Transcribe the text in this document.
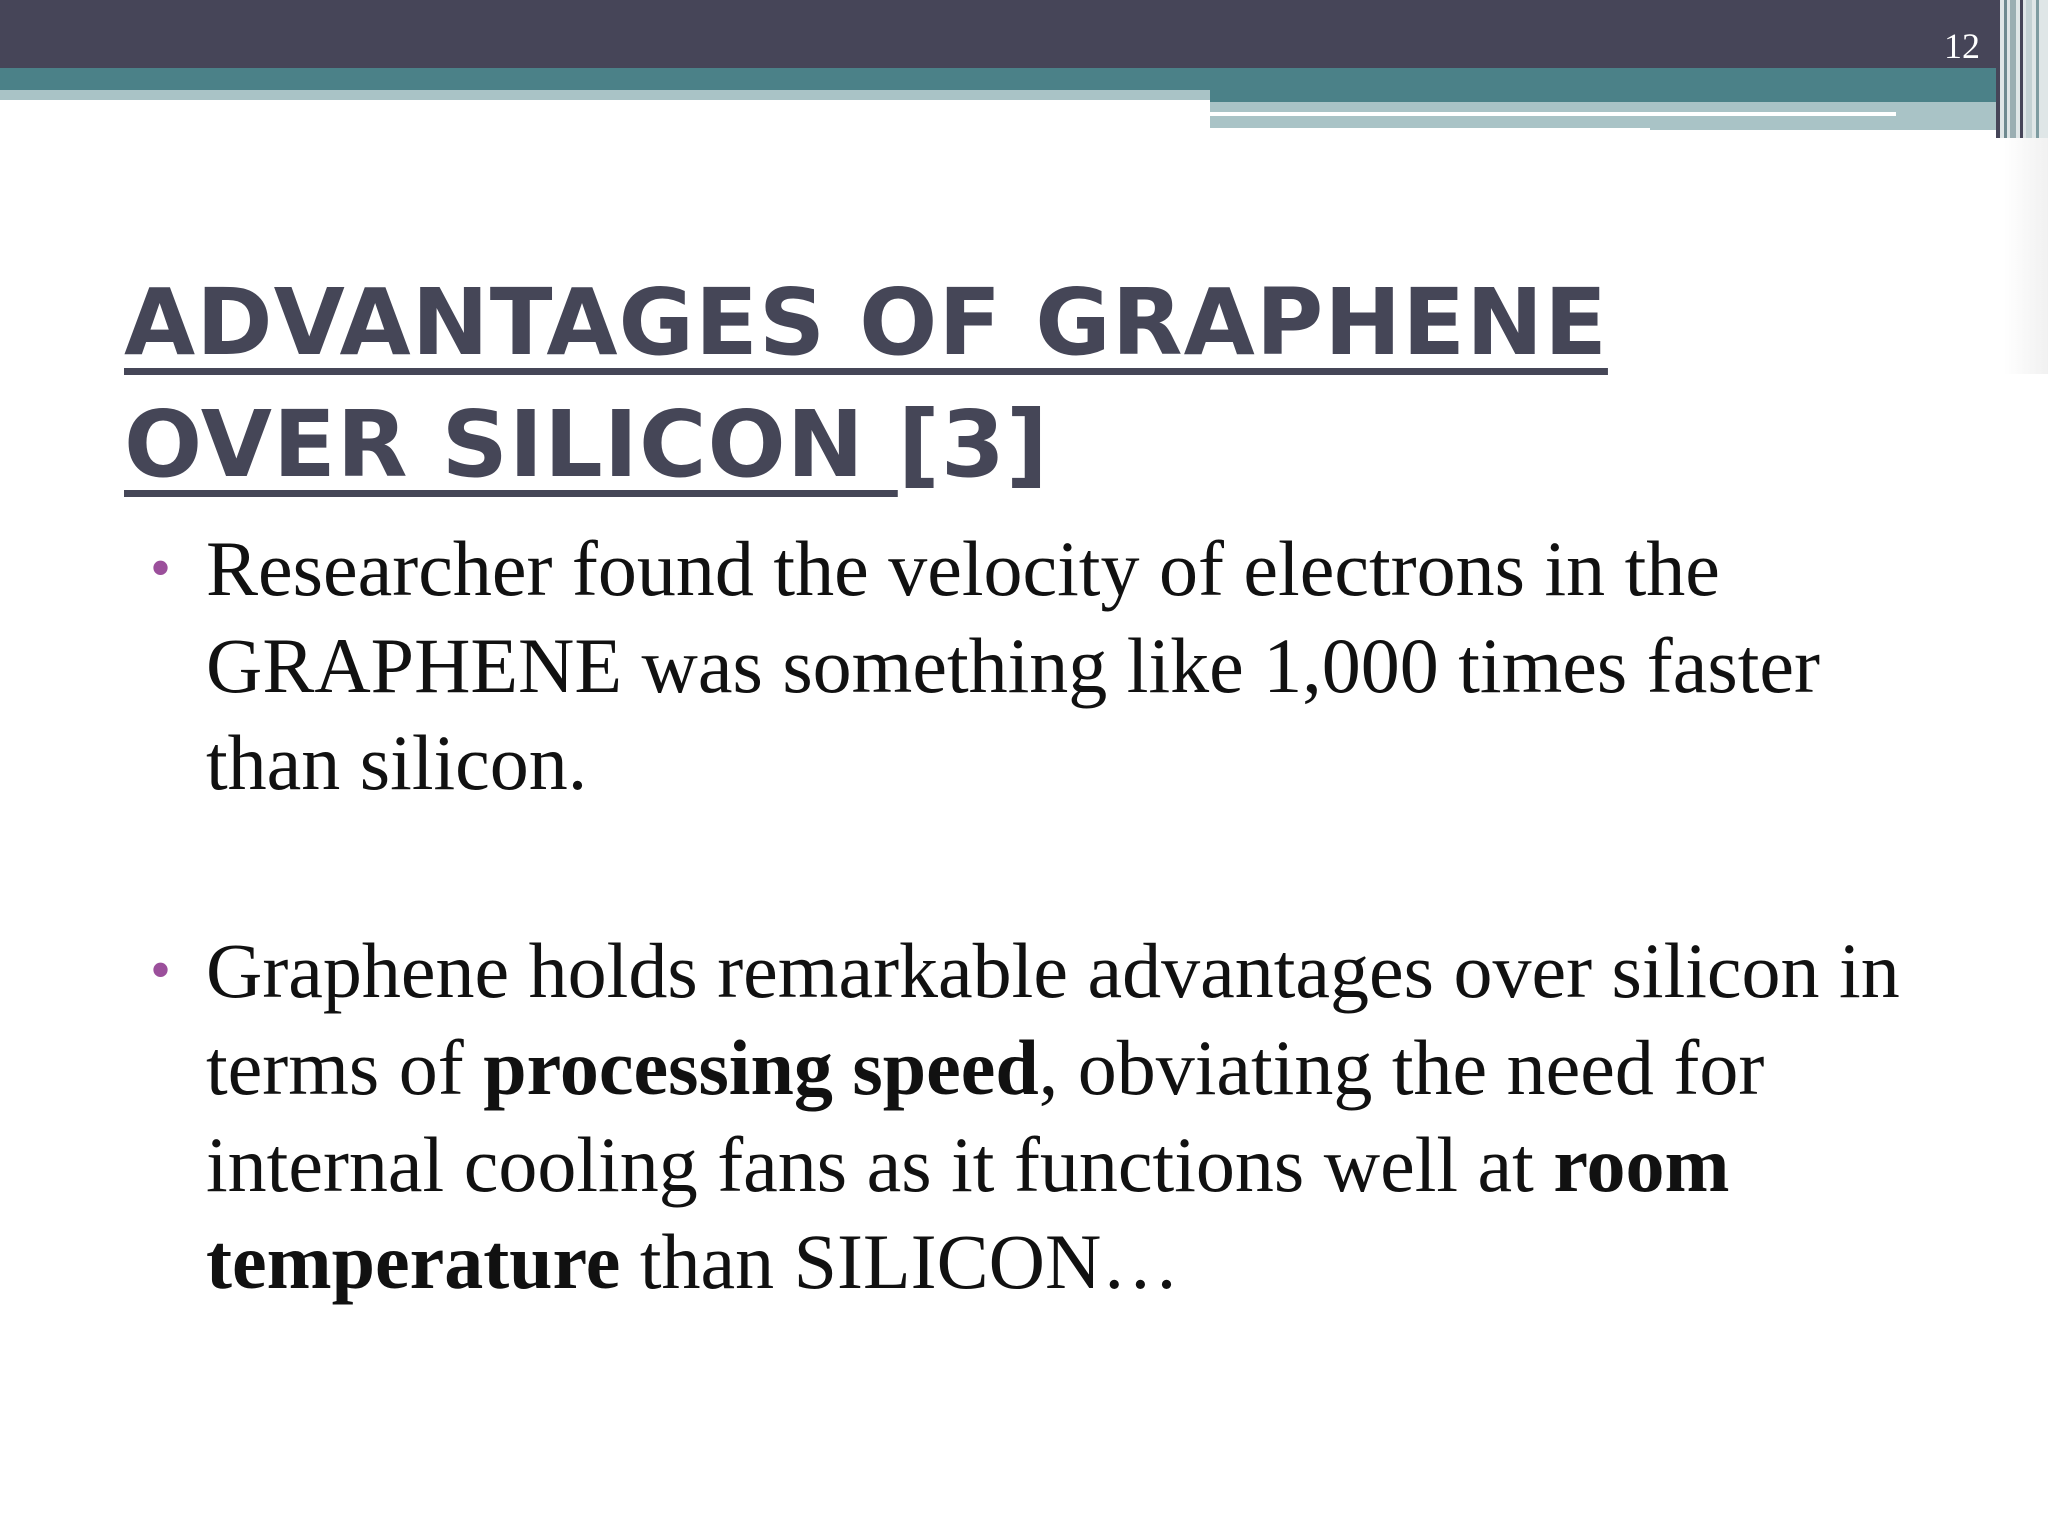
12
ADVANTAGES OF GRAPHENE OVER SILICON [3]
• Researcher found the velocity of electrons in the GRAPHENE was something like 1,000 times faster than silicon.
• Graphene holds remarkable advantages over silicon in terms of processing speed, obviating the need for internal cooling fans as it functions well at room temperature than SILICON…
